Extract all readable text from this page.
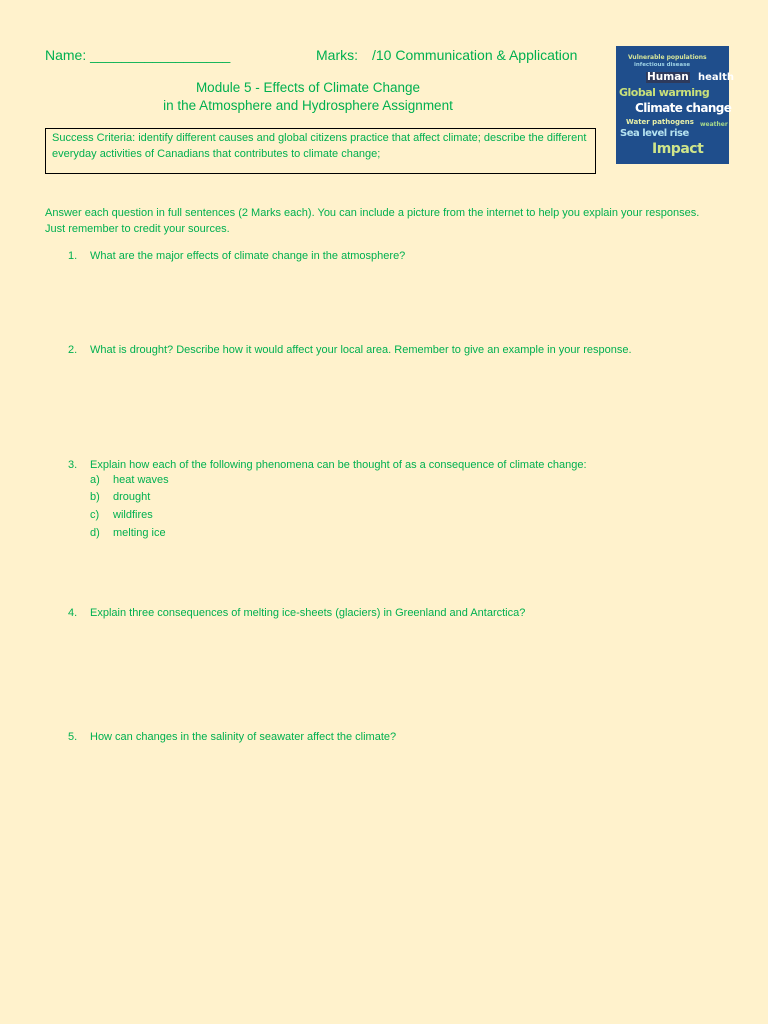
Name: __________________	Marks: /10 Communication & Application
Module 5 - Effects of Climate Change
in the Atmosphere and Hydrosphere Assignment
Success Criteria: identify different causes and global citizens practice that affect climate; describe the different everyday activities of Canadians that contributes to climate change;
Answer each question in full sentences (2 Marks each). You can include a picture from the internet to help you explain your responses. Just remember to credit your sources.
1. What are the major effects of climate change in the atmosphere?
2. What is drought? Describe how it would affect your local area. Remember to give an example in your response.
3. Explain how each of the following phenomena can be thought of as a consequence of climate change:
a) heat waves
b) drought
c) wildfires
d) melting ice
4. Explain three consequences of melting ice-sheets (glaciers) in Greenland and Antarctica?
5. How can changes in the salinity of seawater affect the climate?
Vulnerable populations
infectious disease
Human health
Global warming
Climate change
Water pathogens
Sea level rise
weather
Impact
